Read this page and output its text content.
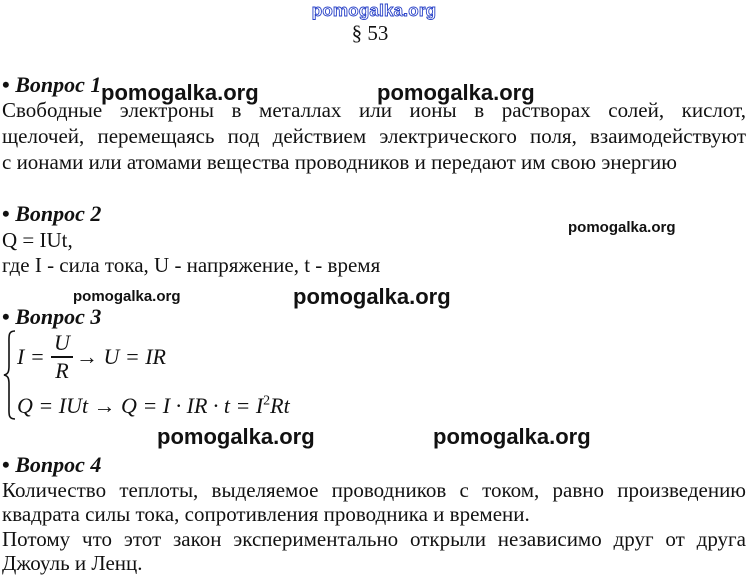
pomogalka.org
§ 53
• Вопрос 1
Свободные электроны в металлах или ионы в растворах солей, кислот,
щелочей, перемещаясь под действием электрического поля, взаимодействуют
с ионами или атомами вещества проводников и передают им свою энергию
• Вопрос 2
Q = IUt,
где I - сила тока, U - напряжение, t - время
• Вопрос 3
I =
U
R
→ U = IR
Q = IUt → Q = I · IR · $t = I^2Rt$
• Вопрос 4
Количество теплоты, выделяемое проводников с током, равно произведению
квадрата силы тока, сопротивления проводника и времени.
Потому что этот закон экспериментально открыли независимо друг от друга
Джоуль и Ленц.
pomogalka.org	pomogalka.org
pomogalka.org
pomogalka.org	pomogalka.org
pomogalka.org	pomogalka.org
